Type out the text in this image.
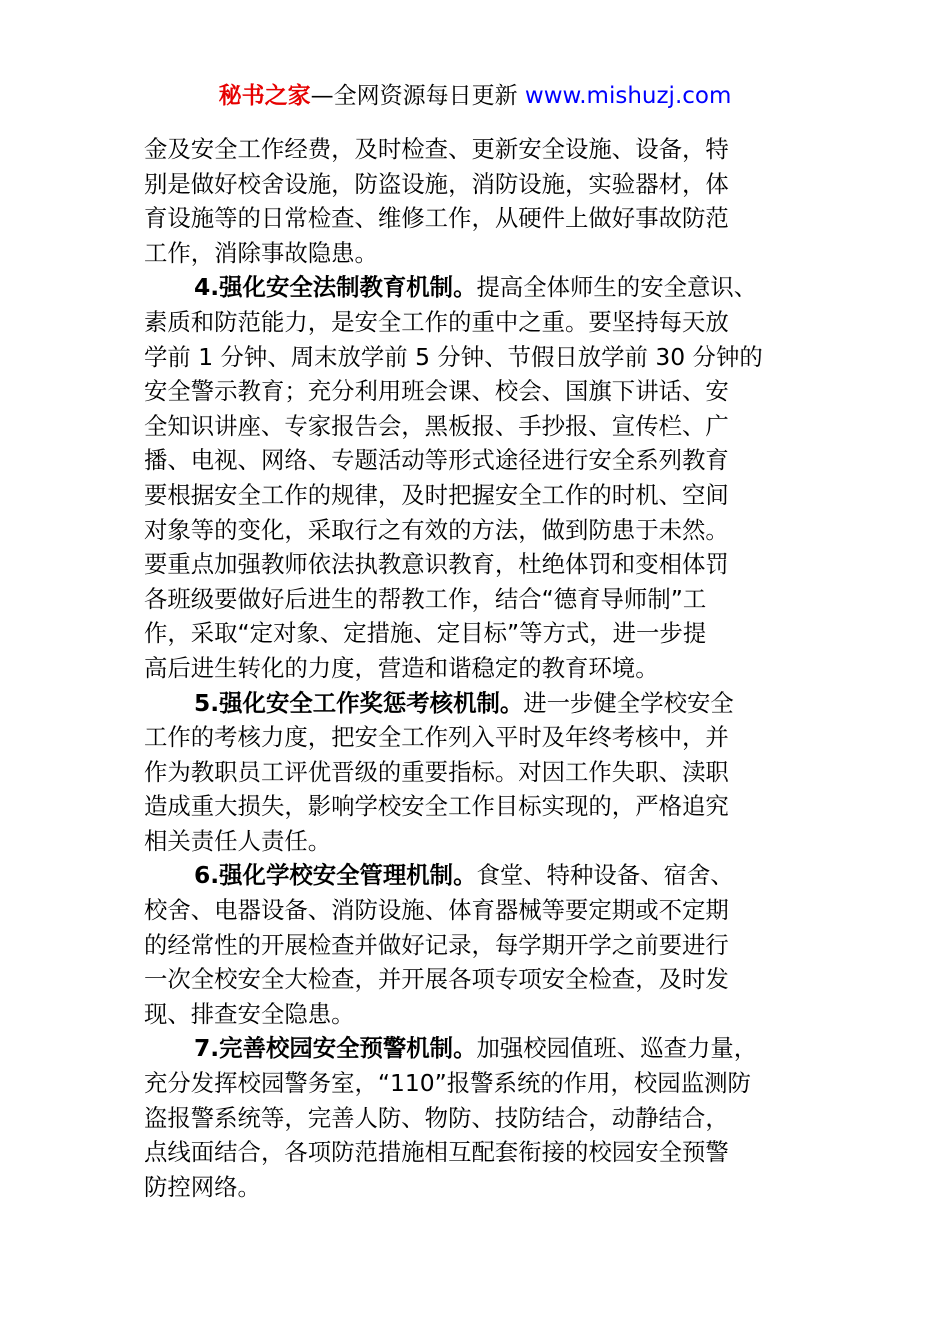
秘书之家—全网资源每日更新 www.mishuzj.com
金及安全工作经费，及时检查、更新安全设施、设备，特
别是做好校舍设施，防盗设施，消防设施，实验器材，体
育设施等的日常检查、维修工作，从硬件上做好事故防范
工作，消除事故隐患。
4.强化安全法制教育机制。提高全体师生的安全意识、
素质和防范能力，是安全工作的重中之重。要坚持每天放
学前 1 分钟、周末放学前 5 分钟、节假日放学前 30 分钟的
安全警示教育；充分利用班会课、校会、国旗下讲话、安
全知识讲座、专家报告会，黑板报、手抄报、宣传栏、广
播、电视、网络、专题活动等形式途径进行安全系列教育
要根据安全工作的规律，及时把握安全工作的时机、空间
对象等的变化，采取行之有效的方法，做到防患于未然。
要重点加强教师依法执教意识教育，杜绝体罚和变相体罚
各班级要做好后进生的帮教工作，结合“德育导师制”工
作，采取“定对象、定措施、定目标”等方式，进一步提
高后进生转化的力度，营造和谐稳定的教育环境。
5.强化安全工作奖惩考核机制。进一步健全学校安全
工作的考核力度，把安全工作列入平时及年终考核中，并
作为教职员工评优晋级的重要指标。对因工作失职、渎职
造成重大损失，影响学校安全工作目标实现的，严格追究
相关责任人责任。
6.强化学校安全管理机制。食堂、特种设备、宿舍、
校舍、电器设备、消防设施、体育器械等要定期或不定期
的经常性的开展检查并做好记录，每学期开学之前要进行
一次全校安全大检查，并开展各项专项安全检查，及时发
现、排查安全隐患。
7.完善校园安全预警机制。加强校园值班、巡查力量，
充分发挥校园警务室，“110”报警系统的作用，校园监测防
盗报警系统等，完善人防、物防、技防结合，动静结合，
点线面结合，各项防范措施相互配套衔接的校园安全预警
防控网络。
